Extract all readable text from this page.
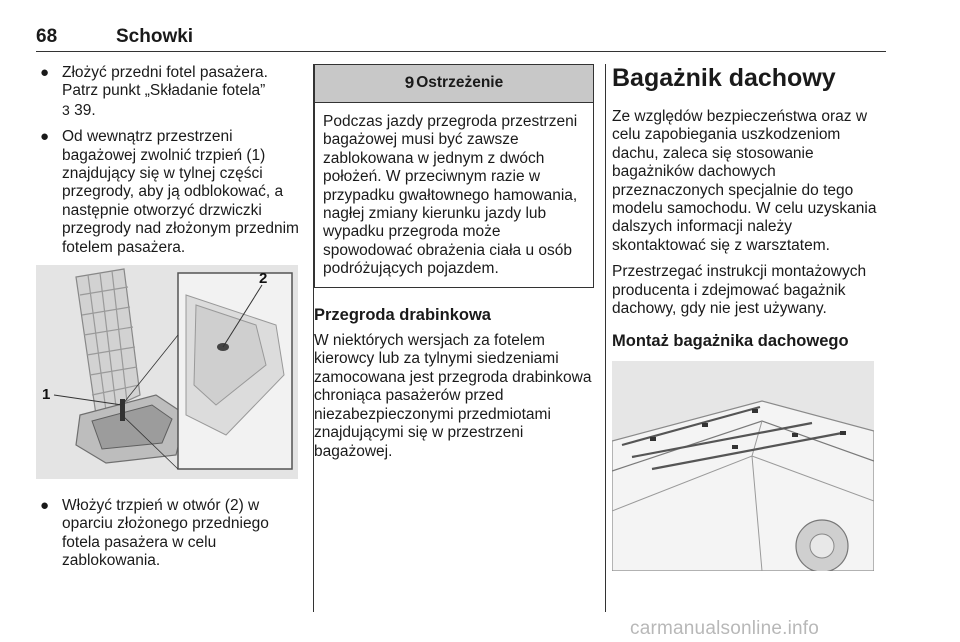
68	Schowki
● Złożyć przedni fotel pasażera.
Patrz punkt „Składanie fotela”
3 39.
● Od wewnątrz przestrzeni bagażowej zwolnić trzpień (1) znajdujący się w tylnej części przegrody, aby ją odblokować, a następnie otworzyć drzwiczki przegrody nad złożonym przednim fotelem pasażera.
1
2
● Włożyć trzpień w otwór (2) w oparciu złożonego przedniego fotela pasażera w celu zablokowania.
9 Ostrzeżenie
Podczas jazdy przegroda przestrzeni bagażowej musi być zawsze zablokowana w jednym z dwóch położeń. W przeciwnym razie w przypadku gwałtownego hamowania, nagłej zmiany kierunku jazdy lub wypadku przegroda może spowodować obrażenia ciała u osób podróżujących pojazdem.
Przegroda drabinkowa
W niektórych wersjach za fotelem kierowcy lub za tylnymi siedzeniami zamocowana jest przegroda drabinkowa chroniąca pasażerów przed niezabezpieczonymi przedmiotami znajdującymi się w przestrzeni bagażowej.
Bagażnik dachowy
Ze względów bezpieczeństwa oraz w celu zapobiegania uszkodzeniom dachu, zaleca się stosowanie bagażników dachowych przeznaczonych specjalnie do tego modelu samochodu. W celu uzyskania dalszych informacji należy skontaktować się z warsztatem.
Przestrzegać instrukcji montażowych producenta i zdejmować bagażnik dachowy, gdy nie jest używany.
Montaż bagażnika dachowego
carmanualsonline.info
